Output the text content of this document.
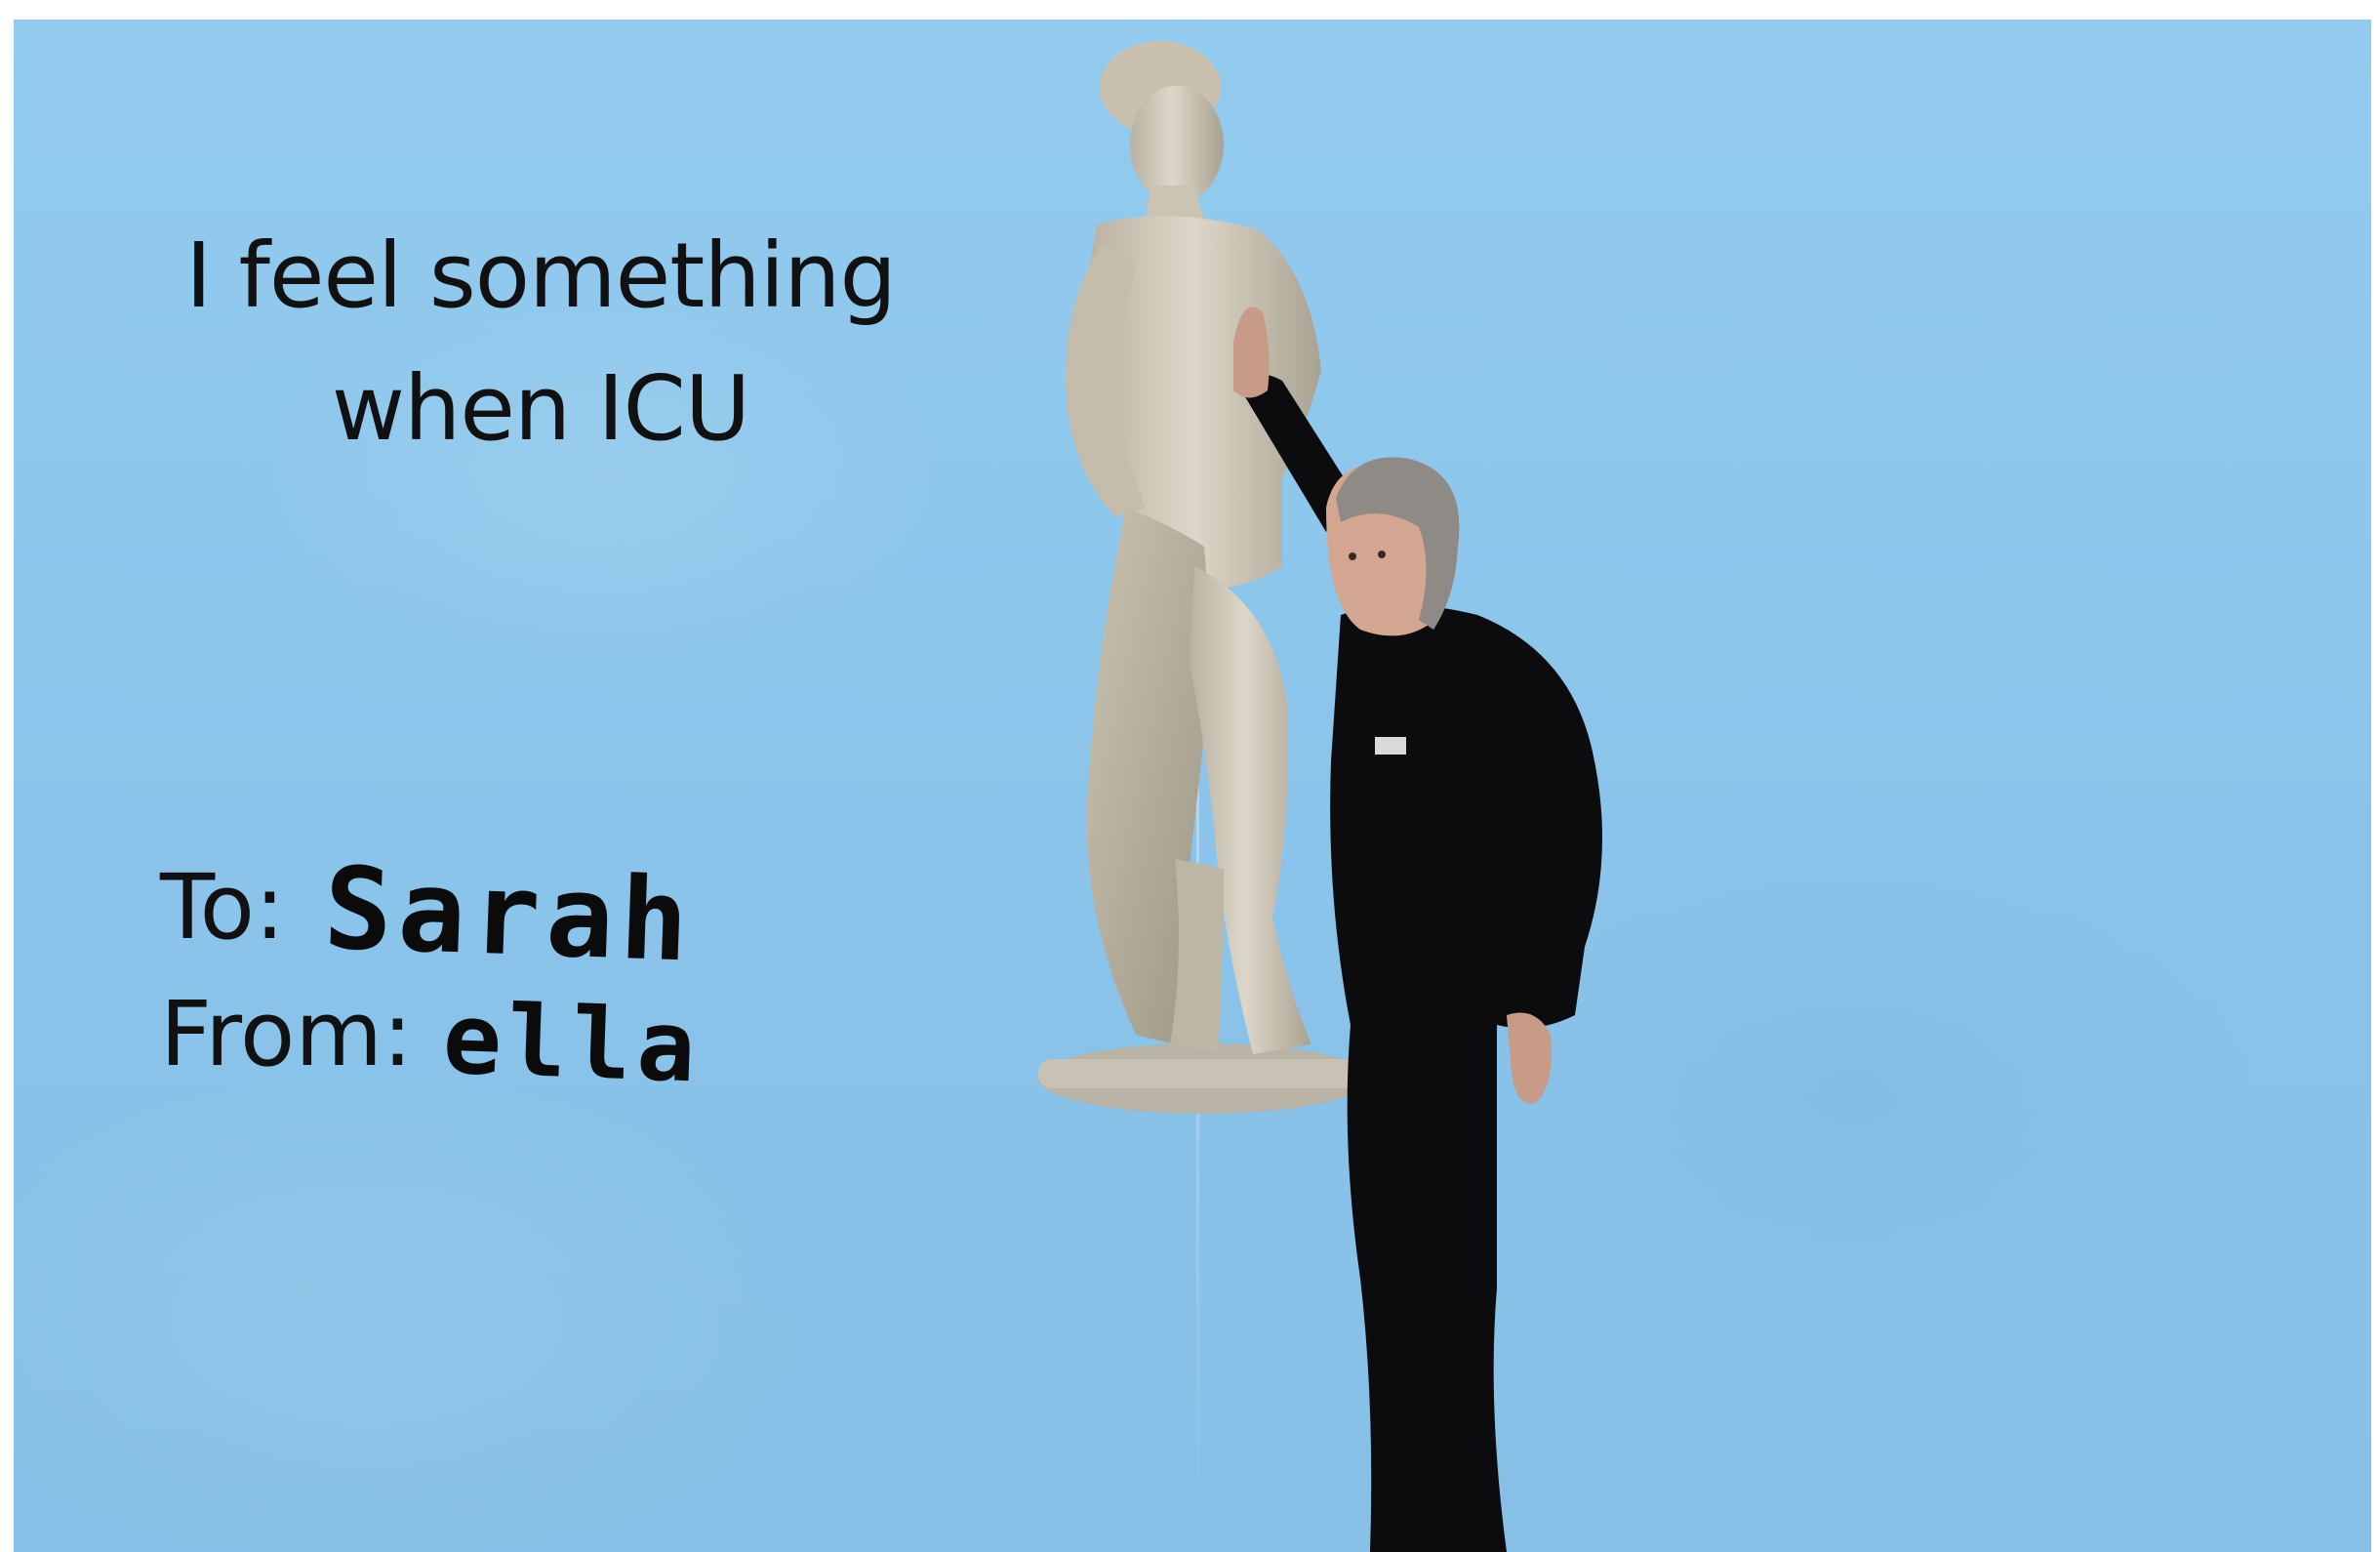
I feel something
when ICU
To: Sarah
From: ella
